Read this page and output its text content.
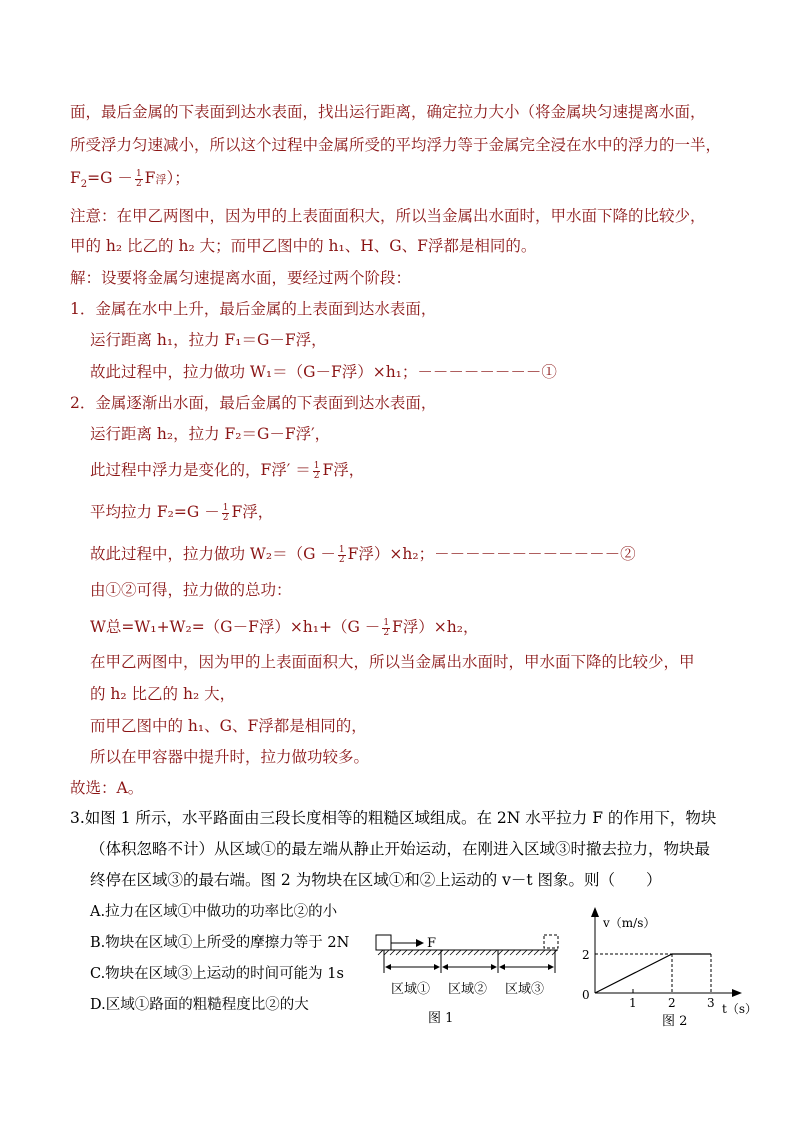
面，最后金属的下表面到达水表面，找出运行距离，确定拉力大小（将金属块匀速提离水面，
所受浮力匀速减小，所以这个过程中金属所受的平均浮力等于金属完全浸在水中的浮力的一半，
$F_2=G - \frac{1}{2}$ F浮）；
注意：在甲乙两图中，因为甲的上表面面积大，所以当金属出水面时，甲水面下降的比较少，
甲的 h₂ 比乙的 h₂ 大；而甲乙图中的 h₁、H、G、F浮都是相同的。
解：设要将金属匀速提离水面，要经过两个阶段：
1．金属在水中上升，最后金属的上表面到达水表面，
运行距离 h₁，拉力 F₁＝G－F浮，
故此过程中，拉力做功 W₁＝（G－F浮）×h₁；－－－－－－－－①
2．金属逐渐出水面，最后金属的下表面到达水表面，
运行距离 h₂，拉力 F₂＝G－F浮′，
此过程中浮力是变化的，F浮′ ＝ $\frac{1}{2}$ F浮，
平均拉力 $F_2=G - \frac{1}{2}$ F浮，
故此过程中，拉力做功 $W_2=(G - \frac{1}{2}$ F浮）×h₂；－－－－－－－－－－－－②
由①②可得，拉力做的总功：
W总=W₁+W₂=（G－F浮）$\times h_1+(G - \frac{1}{2}$ F浮）×h₂，
在甲乙两图中，因为甲的上表面面积大，所以当金属出水面时，甲水面下降的比较少，甲
的 h₂ 比乙的 h₂ 大，
而甲乙图中的 h₁、G、F浮都是相同的，
所以在甲容器中提升时，拉力做功较多。
故选：A。
3.如图 1 所示，水平路面由三段长度相等的粗糙区域组成。在 2N 水平拉力 F 的作用下，物块
（体积忽略不计）从区域①的最左端从静止开始运动，在刚进入区域③时撤去拉力，物块最
终停在区域③的最右端。图 2 为物块在区域①和②上运动的 v－t 图象。则（　　）
A.拉力在区域①中做功的功率比②的小
B.物块在区域①上所受的摩擦力等于 2N
C.物块在区域③上运动的时间可能为 1s
D.区域①路面的粗糙程度比②的大
F
区域① 区域② 区域③
图 1
v（m/s）
t（s）
0
2
1	2	3
图 2
